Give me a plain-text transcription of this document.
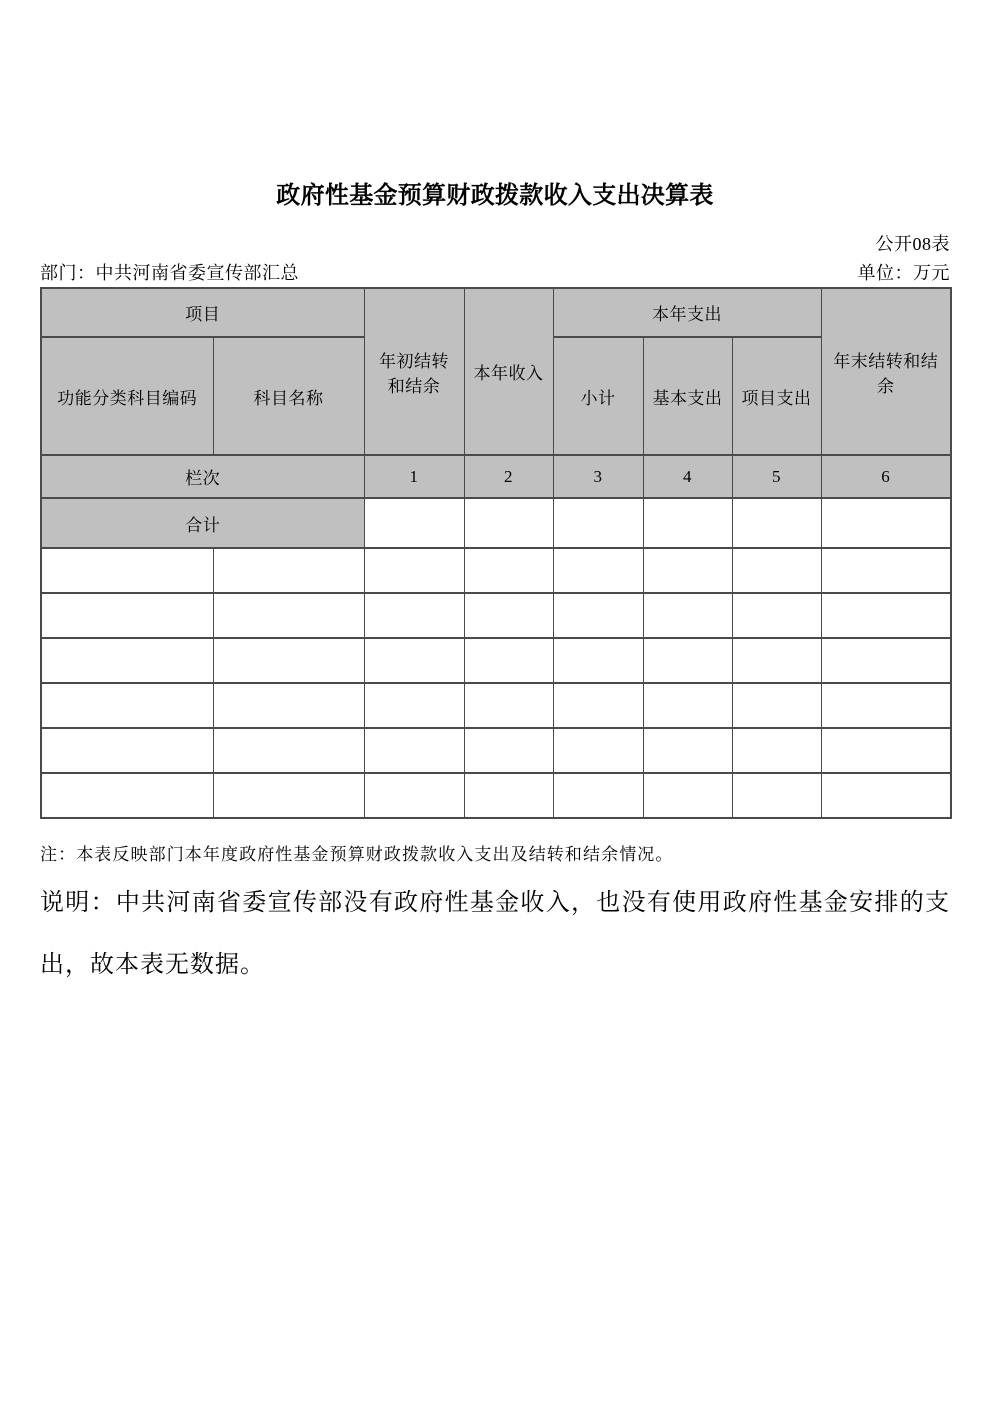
政府性基金预算财政拨款收入支出决算表
公开08表
部门：中共河南省委宣传部汇总	单位：万元
项目		年初结转和结余	本年收入	本年支出			年末结转和结余
功能分类科目编码	科目名称			小计	基本支出	项目支出	
栏次		1	2	3	4	5	6
合计							

注：本表反映部门本年度政府性基金预算财政拨款收入支出及结转和结余情况。
说明：中共河南省委宣传部没有政府性基金收入，也没有使用政府性基金安排的支出，故本表无数据。
